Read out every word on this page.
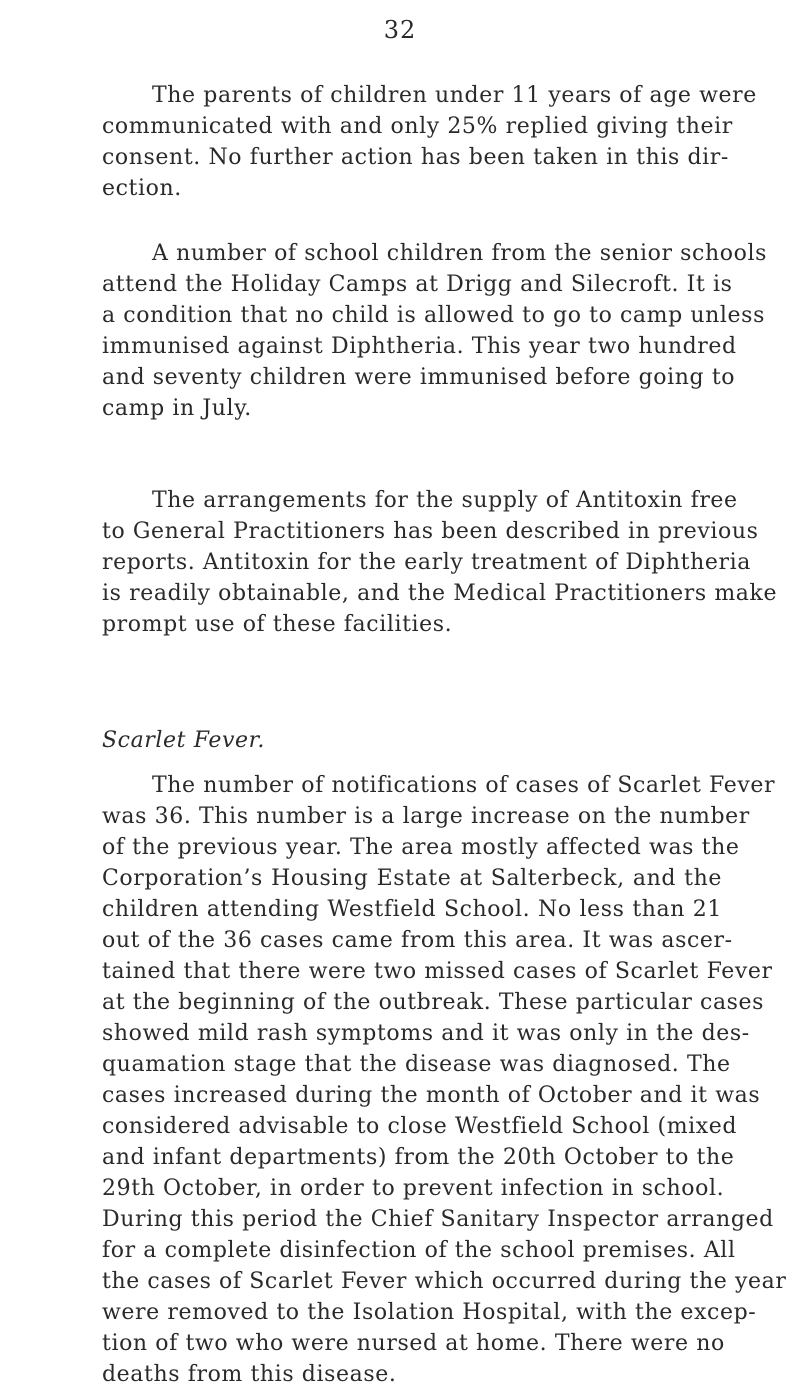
32
The parents of children under 11 years of age were
communicated with and only 25% replied giving their
consent. No further action has been taken in this dir-
ection.
A number of school children from the senior schools
attend the Holiday Camps at Drigg and Silecroft. It is
a condition that no child is allowed to go to camp unless
immunised against Diphtheria. This year two hundred
and seventy children were immunised before going to
camp in July.
The arrangements for the supply of Antitoxin free
to General Practitioners has been described in previous
reports. Antitoxin for the early treatment of Diphtheria
is readily obtainable, and the Medical Practitioners make
prompt use of these facilities.
Scarlet Fever.
The number of notifications of cases of Scarlet Fever
was 36. This number is a large increase on the number
of the previous year. The area mostly affected was the
Corporation’s Housing Estate at Salterbeck, and the
children attending Westfield School. No less than 21
out of the 36 cases came from this area. It was ascer-
tained that there were two missed cases of Scarlet Fever
at the beginning of the outbreak. These particular cases
showed mild rash symptoms and it was only in the des-
quamation stage that the disease was diagnosed. The
cases increased during the month of October and it was
considered advisable to close Westfield School (mixed
and infant departments) from the 20th October to the
29th October, in order to prevent infection in school.
During this period the Chief Sanitary Inspector arranged
for a complete disinfection of the school premises. All
the cases of Scarlet Fever which occurred during the year
were removed to the Isolation Hospital, with the excep-
tion of two who were nursed at home. There were no
deaths from this disease.
